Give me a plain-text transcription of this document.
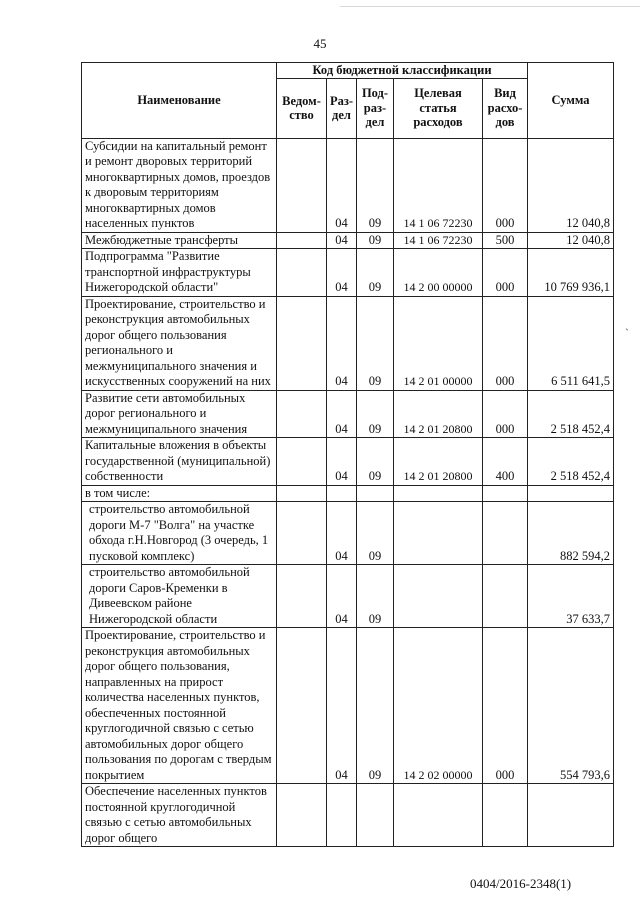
45
`
Наименование	Код бюджетной классификации					Сумма
	Ведом-ство	Раз-дел	Под-раз-дел	Целевая статья расходов	Вид расхо-дов	
Субсидии на капитальный ремонт и ремонт дворовых территорий многоквартирных домов, проездов к дворовым территориям многоквартирных домов населенных пунктов		04	09	14 1 06 72230	000	12 040,8
Межбюджетные трансферты		04	09	14 1 06 72230	500	12 040,8
Подпрограмма "Развитие транспортной инфраструктуры Нижегородской области"		04	09	14 2 00 00000	000	10 769 936,1
Проектирование, строительство и реконструкция автомобильных дорог общего пользования регионального и межмуниципального значения и искусственных сооружений на них		04	09	14 2 01 00000	000	6 511 641,5
Развитие сети автомобильных дорог регионального и межмуниципального значения		04	09	14 2 01 20800	000	2 518 452,4
Капитальные вложения в объекты государственной (муниципальной) собственности		04	09	14 2 01 20800	400	2 518 452,4
в том числе:						
строительство автомобильной дороги М-7 "Волга" на участке обхода г.Н.Новгород (3 очередь, 1 пусковой комплекс)		04	09			882 594,2
строительство автомобильной дороги Саров-Кременки в Дивеевском районе Нижегородской области		04	09			37 633,7
Проектирование, строительство и реконструкция автомобильных дорог общего пользования, направленных на прирост количества населенных пунктов, обеспеченных постоянной круглогодичной связью с сетью автомобильных дорог общего пользования по дорогам с твердым покрытием		04	09	14 2 02 00000	000	554 793,6
Обеспечение населенных пунктов постоянной круглогодичной связью с сетью автомобильных дорог общего						
0404/2016-2348(1)
